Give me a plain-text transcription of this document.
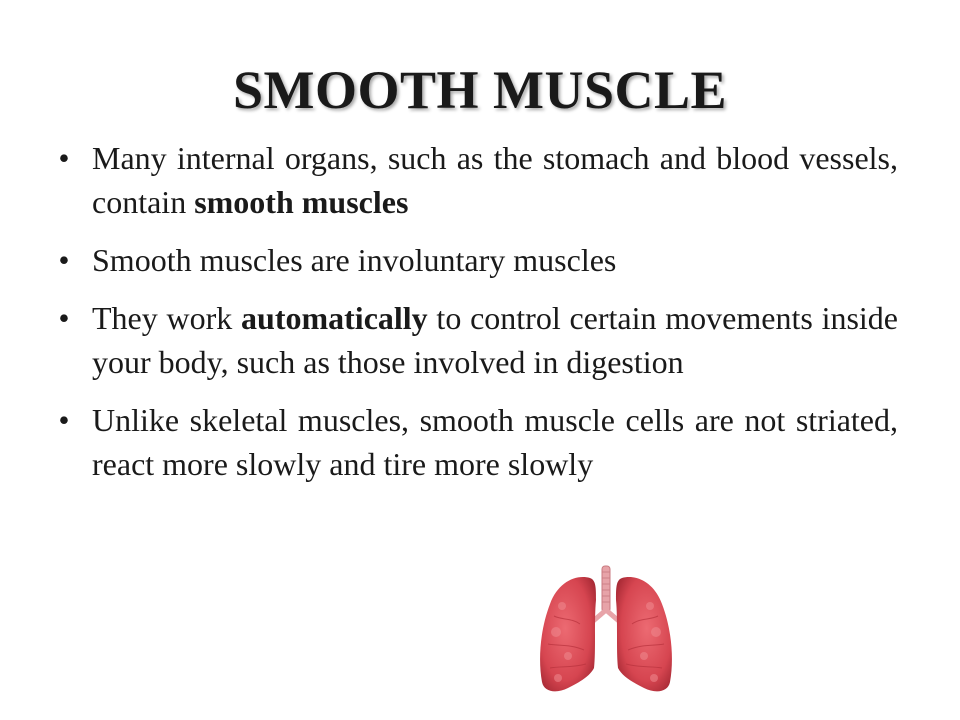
SMOOTH MUSCLE
• Many internal organs, such as the stomach and blood vessels, contain smooth muscles
• Smooth muscles are involuntary muscles
• They work automatically to control certain movements inside your body, such as those involved in digestion
• Unlike skeletal muscles, smooth muscle cells are not striated, react more slowly and tire more slowly
